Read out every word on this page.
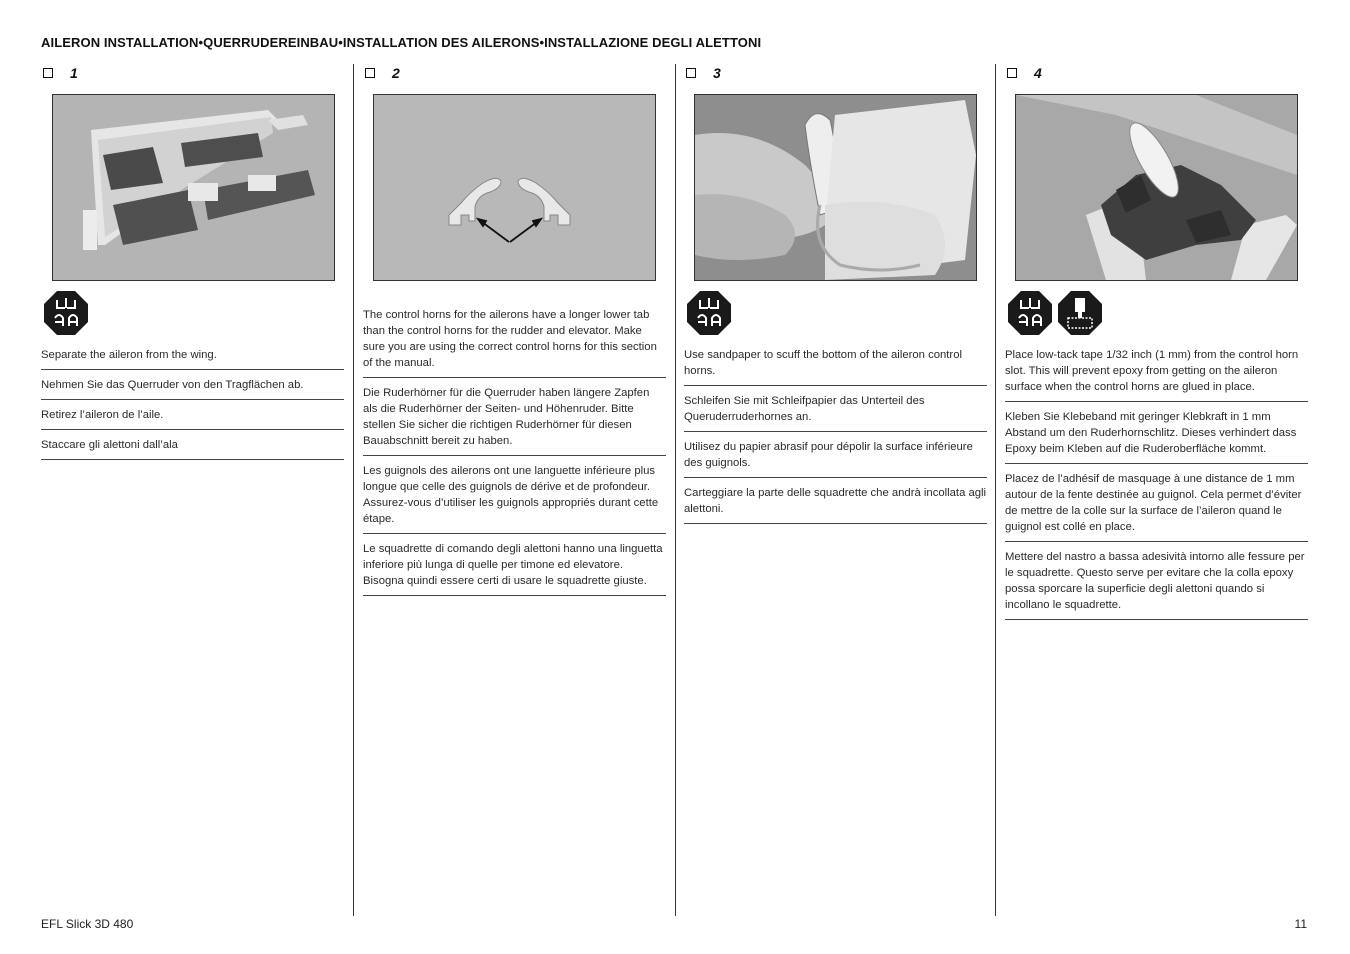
AILERON INSTALLATION•QUERRUDEREINBAU•INSTALLATION DES AILERONS•INSTALLAZIONE DEGLI ALETTONI
1
Separate the aileron from the wing.
Nehmen Sie das Querruder von den Tragflächen ab.
Retirez l’aileron de l’aile.
Staccare gli alettoni dall’ala
2
The control horns for the ailerons have a longer lower tab than the control horns for the rudder and elevator. Make sure you are using the correct control horns for this section of the manual.
Die Ruderhörner für die Querruder haben längere Zapfen als die Ruderhörner der Seiten- und Höhenruder. Bitte stellen Sie sicher die richtigen Ruderhörner für diesen Bauabschnitt bereit zu haben.
Les guignols des ailerons ont une languette inférieure plus longue que celle des guignols de dérive et de profondeur. Assurez-vous d’utiliser les guignols appropriés durant cette étape.
Le squadrette di comando degli alettoni hanno una linguetta inferiore più lunga di quelle per timone ed elevatore. Bisogna quindi essere certi di usare le squadrette giuste.
3
Use sandpaper to scuff the bottom of the aileron control horns.
Schleifen Sie mit Schleifpapier das Unterteil des Queruderruderhornes an.
Utilisez du papier abrasif pour dépolir la surface inférieure des guignols.
Carteggiare la parte delle squadrette che andrà incollata agli alettoni.
4
Place low-tack tape 1/32 inch (1 mm) from the control horn slot. This will prevent epoxy from getting on the aileron surface when the control horns are glued in place.
Kleben Sie Klebeband mit geringer Klebkraft in 1 mm Abstand um den Ruderhornschlitz. Dieses verhindert dass Epoxy beim Kleben auf die Ruderoberfläche kommt.
Placez de l’adhésif de masquage à une distance de 1 mm autour de la fente destinée au guignol. Cela permet d’éviter de mettre de la colle sur la surface de l’aileron quand le guignol est collé en place.
Mettere del nastro a bassa adesività intorno alle fessure per le squadrette. Questo serve per evitare che la colla epoxy possa sporcare la superficie degli alettoni quando si incollano le squadrette.
EFL Slick 3D 480	11
